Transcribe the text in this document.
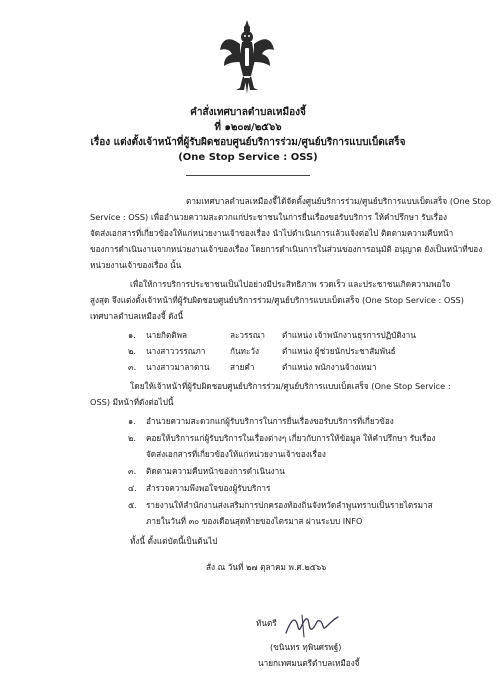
คำสั่งเทศบาลตำบลเหมืองจี้
ที่ ๑๒๐๗/๒๕๖๖
เรื่อง แต่งตั้งเจ้าหน้าที่ผู้รับผิดชอบศูนย์บริการร่วม/ศูนย์บริการแบบเบ็ดเสร็จ
(One Stop Service : OSS)
ตามเทศบาลตำบลเหมืองจี้ได้จัดตั้งศูนย์บริการร่วม/ศูนย์บริการแบบเบ็ดเสร็จ (One Stop
Service : OSS) เพื่ออำนวยความสะดวกแก่ประชาชนในการยื่นเรื่องขอรับบริการ ให้คำปรึกษา รับเรื่อง
จัดส่งเอกสารที่เกี่ยวข้องให้แก่หน่วยงานเจ้าของเรื่อง นำไปดำเนินการแล้วแจ้งต่อไป ติดตามความคืบหน้า
ของการดำเนินงานจากหน่วยงานเจ้าของเรื่อง โดยการดำเนินการในส่วนของการอนุมัติ อนุญาต ยังเป็นหน้าที่ของ
หน่วยงานเจ้าของเรื่อง นั้น
เพื่อให้การบริการประชาชนเป็นไปอย่างมีประสิทธิภาพ รวดเร็ว และประชาชนเกิดความพอใจ
สูงสุด จึงแต่งตั้งเจ้าหน้าที่ผู้รับผิดชอบศูนย์บริการร่วม/ศูนย์บริการแบบเบ็ดเสร็จ (One Stop Service : OSS)
เทศบาลตำบลเหมืองจี้ ดังนี้
๑. นายกิตติพล	ละวรรณา ตำแหน่ง เจ้าพนักงานธุรการปฏิบัติงาน
๒. นางสาววรรณภา	กันทะวัง	ตำแหน่ง ผู้ช่วยนักประชาสัมพันธ์
๓. นางสาวมาลาตาน สายคำ	ตำแหน่ง พนักงานจ้างเหมา
โดยให้เจ้าหน้าที่ผู้รับผิดชอบศูนย์บริการร่วม/ศูนย์บริการแบบเบ็ดเสร็จ (One Stop Service :
OSS) มีหน้าที่ดังต่อไปนี้
๑. อำนวยความสะดวกแก่ผู้รับบริการในการยื่นเรื่องขอรับบริการที่เกี่ยวข้อง
๒. คอยให้บริการแก่ผู้รับบริการในเรื่องต่างๆ เกี่ยวกับการให้ข้อมูล ให้คำปรึกษา รับเรื่อง
จัดส่งเอกสารที่เกี่ยวข้องให้แก่หน่วยงานเจ้าของเรื่อง
๓. ติดตามความคืบหน้าของการดำเนินงาน
๔. สำรวจความพึงพอใจของผู้รับบริการ
๕. รายงานให้สำนักงานส่งเสริมการปกครองท้องถิ่นจังหวัดลำพูนทราบเป็นรายไตรมาส
ภายในวันที่ ๓๐ ของเดือนสุดท้ายของไตรมาส ผ่านระบบ INFO
ทั้งนี้ ตั้งแต่บัดนี้เป็นต้นไป
สั่ง ณ วันที่ ๒๗ ตุลาคม พ.ศ.๒๕๖๖
ทันตรี
(ขนินทร ทุพินศรพฐ์)
นายกเทศมนตรีตำบลเหมืองจี้
